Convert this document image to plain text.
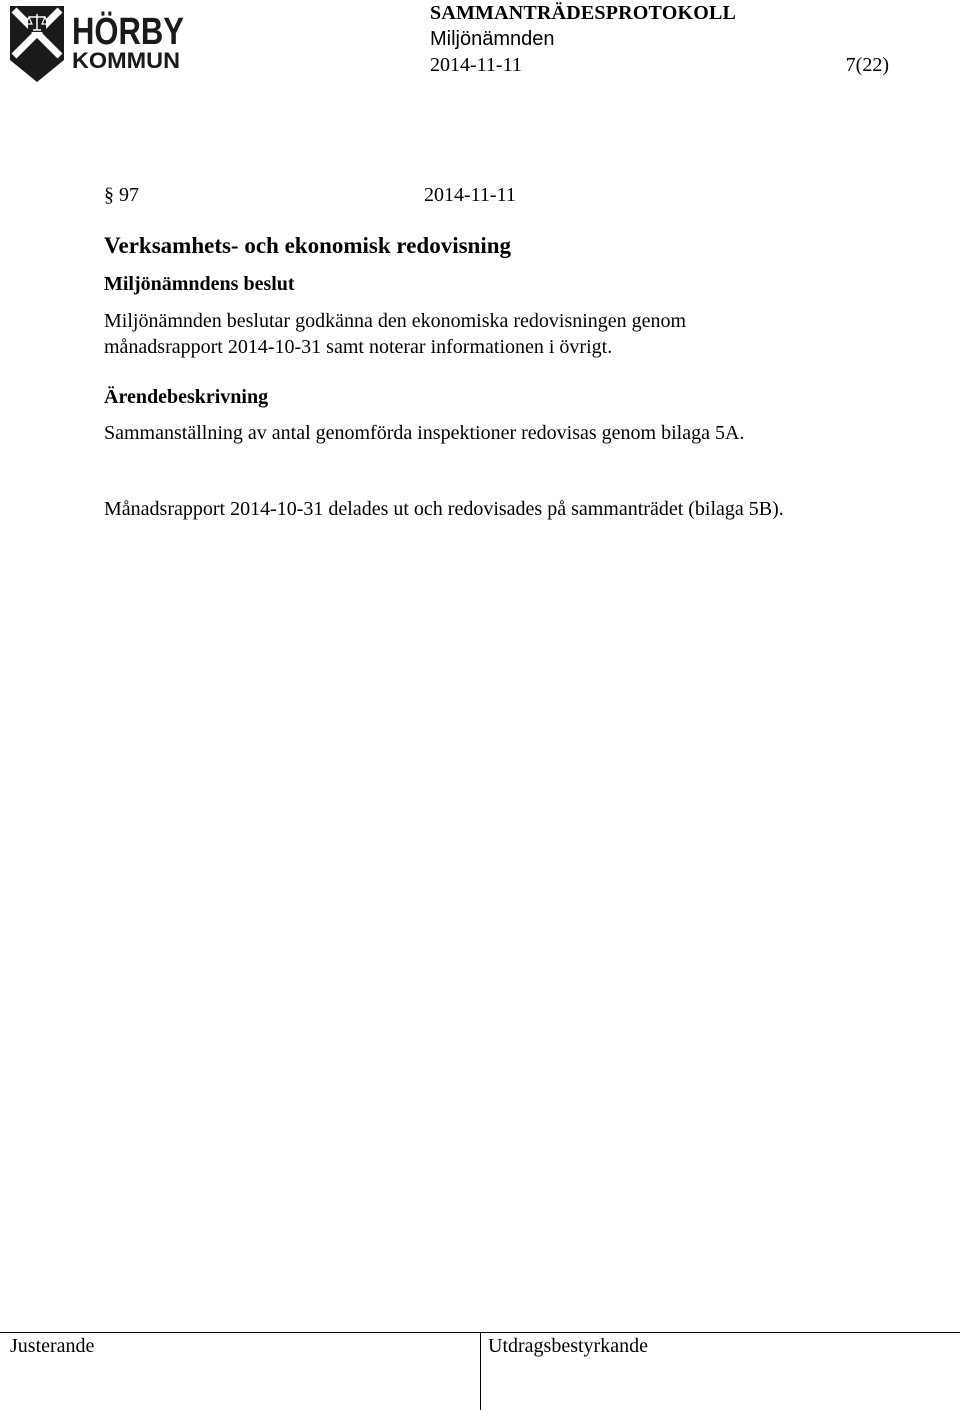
HÖRBY
KOMMUN
SAMMANTRÄDESPROTOKOLL
Miljönämnden
2014-11-11	7(22)
§ 97	2014-11-11
Verksamhets- och ekonomisk redovisning
Miljönämndens beslut

Miljönämnden beslutar godkänna den ekonomiska redovisningen genom månadsrapport 2014-10-31 samt noterar informationen i övrigt.

Ärendebeskrivning

Sammanställning av antal genomförda inspektioner redovisas genom bilaga 5A.

Månadsrapport 2014-10-31 delades ut och redovisades på sammanträdet (bilaga 5B).

Justerande	Utdragsbestyrkande
